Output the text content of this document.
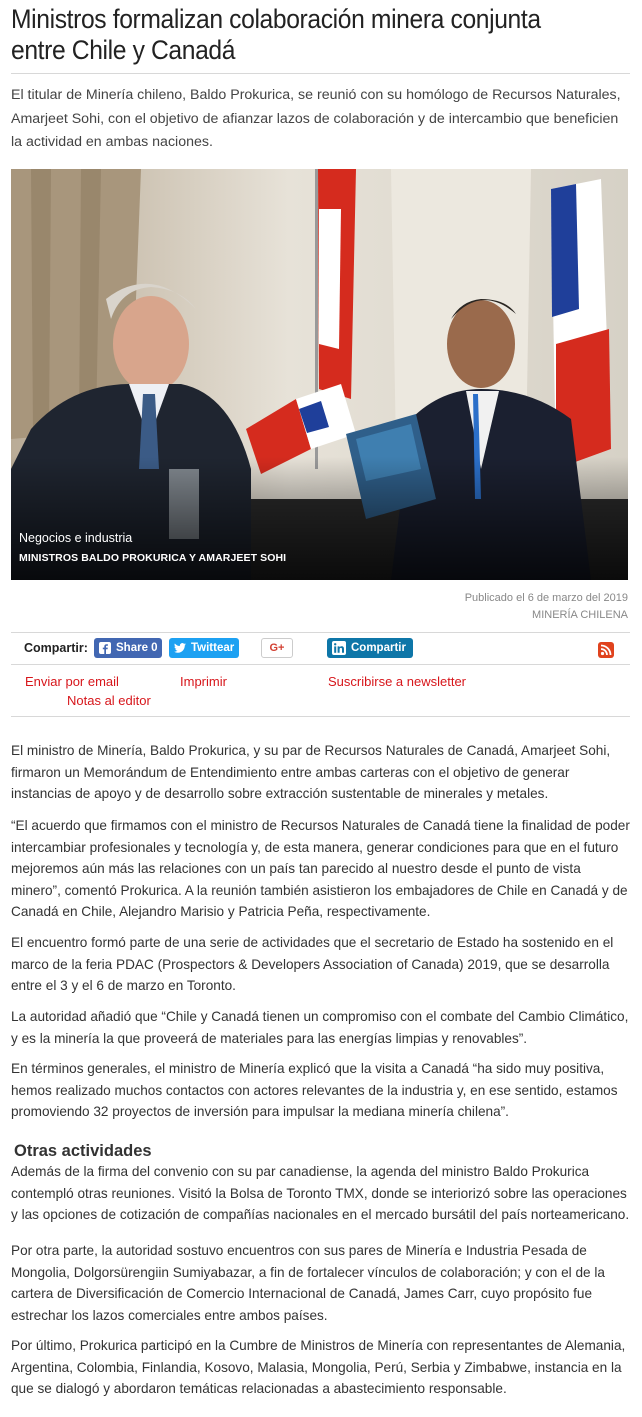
Ministros formalizan colaboración minera conjunta entre Chile y Canadá

El titular de Minería chileno, Baldo Prokurica, se reunió con su homólogo de Recursos Naturales, Amarjeet Sohi, con el objetivo de afianzar lazos de colaboración y de intercambio que beneficien la actividad en ambas naciones.

Negocios e industria
MINISTROS BALDO PROKURICA Y AMARJEET SOHI
Publicado el 6 de marzo del 2019
MINERÍA CHILENA
Compartir: Share 0	Twittear	G+	Compartir
Enviar por email	Imprimir	Suscribirse a newsletter
Notas al editor

El ministro de Minería, Baldo Prokurica, y su par de Recursos Naturales de Canadá, Amarjeet Sohi, firmaron un Memorándum de Entendimiento entre ambas carteras con el objetivo de generar instancias de apoyo y de desarrollo sobre extracción sustentable de minerales y metales.

“El acuerdo que firmamos con el ministro de Recursos Naturales de Canadá tiene la finalidad de poder intercambiar profesionales y tecnología y, de esta manera, generar condiciones para que en el futuro mejoremos aún más las relaciones con un país tan parecido al nuestro desde el punto de vista minero”, comentó Prokurica. A la reunión también asistieron los embajadores de Chile en Canadá y de Canadá en Chile, Alejandro Marisio y Patricia Peña, respectivamente.

El encuentro formó parte de una serie de actividades que el secretario de Estado ha sostenido en el marco de la feria PDAC (Prospectors & Developers Association of Canada) 2019, que se desarrolla entre el 3 y el 6 de marzo en Toronto.

La autoridad añadió que “Chile y Canadá tienen un compromiso con el combate del Cambio Climático, y es la minería la que proveerá de materiales para las energías limpias y renovables”.

En términos generales, el ministro de Minería explicó que la visita a Canadá “ha sido muy positiva, hemos realizado muchos contactos con actores relevantes de la industria y, en ese sentido, estamos promoviendo 32 proyectos de inversión para impulsar la mediana minería chilena”.

Otras actividades

Además de la firma del convenio con su par canadiense, la agenda del ministro Baldo Prokurica contempló otras reuniones. Visitó la Bolsa de Toronto TMX, donde se interiorizó sobre las operaciones y las opciones de cotización de compañías nacionales en el mercado bursátil del país norteamericano.

Por otra parte, la autoridad sostuvo encuentros con sus pares de Minería e Industria Pesada de Mongolia, Dolgorsürengiin Sumiyabazar, a fin de fortalecer vínculos de colaboración; y con el de la cartera de Diversificación de Comercio Internacional de Canadá, James Carr, cuyo propósito fue estrechar los lazos comerciales entre ambos países.

Por último, Prokurica participó en la Cumbre de Ministros de Minería con representantes de Alemania, Argentina, Colombia, Finlandia, Kosovo, Malasia, Mongolia, Perú, Serbia y Zimbabwe, instancia en la que se dialogó y abordaron temáticas relacionadas a abastecimiento responsable.
